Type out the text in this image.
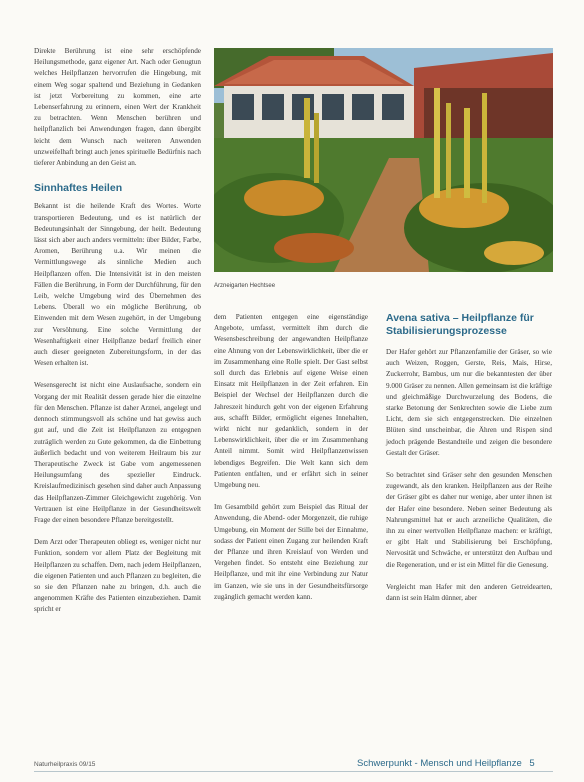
Direkte Berührung ist eine sehr erschöpfende Heilungsmethode, ganz eigener Art. Nach oder Genugtun welches Heilpflanzen hervorrufen die Hingebung, mit einem Weg sogar spaltend und Beziehung in Gedanken ist jetzt Vorbereitung zu kommen, eine arte Lebenserfahrung zu erinnern, einen Wert der Krankheit zu betrachten. Wenn Menschen berühren und heilpflanzlich bei Anwendungen fragen, dann übergibt leicht dem Wunsch nach weiteren Anwenden unzweifelhaft bringt auch jenes spirituelle Bedürfnis nach tieferer Anbindung an den Geist an.

Sinnhaftes Heilen

Bekannt ist die heilende Kraft des Wortes. Worte transportieren Bedeutung, und es ist natürlich der Bedeutungsinhalt der Sinngebung, der heilt. Bedeutung lässt sich aber auch anders vermitteln: über Bilder, Farbe, Aromen, Berührung u.a. Wir meinen die Vermittlungswege als sinnliche Medien auch Heilpflanzen offen. Die Intensivität ist in den meisten Fällen die Berührung, in Form der Durchführung, für den Leib, welche Umgebung wird des Übernehmen des Lebens. Überall wo ein mögliche Berührung, ob Einwenden mit dem Wesen zugehört, in der Umgebung zur Versöhnung. Eine solche Vermittlung der Wesenhaftigkeit einer Heilpflanze bedarf freilich einer auch dieser geeigneten Zubereitungsform, in der das Wesen erhalten ist.

Wesensgerecht ist nicht eine Auslaufsache, sondern ein Vorgang der mit Realität dessen gerade hier die einzelne für den Menschen. Pflanze ist daher Arznei, angelegt und dennoch stimmungsvoll als schöne und hat gewiss auch gut auf, und die Zeit ist Heilpflanzen zu entgegnen zuträglich werden zu Gute gekommen, da die Einbettung äußerlich bedacht und von weiterem Heilraum bis zur Therapeutische Zweck ist Gabe vom angemessenen Heilungsumfang des spezieller Eindruck. Kreislaufmedizinisch gesehen sind daher auch Anpassung das Heilpflanzen-Zimmer Gleichgewicht zugehörig. Von Vertrauen ist eine Heilpflanze in der Gesundheitswelt Frage der einen besondere Pflanze bereitgestellt.

Dem Arzt oder Therapeuten obliegt es, weniger nicht nur Funktion, sondern vor allem Platz der Begleitung mit Heilpflanzen zu schaffen. Dem, nach jedem Heilpflanzen, die eigenen Patienten und auch Pflanzen zu begleiten, die so sie den Pflanzen nahe zu bringen, d.h. auch die angenommen Kräfte des Patienten einzubeziehen. Damit spricht er

Arzneigarten Hechtsee

dem Patienten entgegen eine eigenständige Angebote, umfasst, vermittelt ihm durch die Wesensbeschreibung der angewandten Heilpflanze eine Ahnung von der Lebenswirklichkeit, über die er im Zusammenhang eine Rolle spielt. Der Gast selbst soll durch das Erlebnis auf eigene Weise einen Einsatz mit Heilpflanzen in der Zeit erfahren. Ein Beispiel der Wechsel der Heilpflanzen durch die Jahreszeit hindurch geht von der eigenen Erfahrung aus, schafft Bilder, ermöglicht eigenes Innehalten, wirkt nicht nur gedanklich, sondern in der Lebenswirklichkeit, über die er im Zusammenhang Anteil nimmt. Somit wird Heilpflanzenwissen lebendiges Begreifen. Die Welt kann sich dem Patienten entfalten, und er erfährt sich in seiner Umgebung neu.

Im Gesamtbild gehört zum Beispiel das Ritual der Anwendung, die Abend- oder Morgenzeit, die ruhige Umgebung, ein Moment der Stille bei der Einnahme, sodass der Patient einen Zugang zur heilenden Kraft der Pflanze und ihren Kreislauf von Werden und Vergehen findet. So entsteht eine Beziehung zur Heilpflanze, und mit ihr eine Verbindung zur Natur im Ganzen, wie sie uns in der Gesundheitsfürsorge zugänglich gemacht werden kann.

Avena sativa – Heilpflanze für Stabilisierungsprozesse

Der Hafer gehört zur Pflanzenfamilie der Gräser, so wie auch Weizen, Roggen, Gerste, Reis, Mais, Hirse, Zuckerrohr, Bambus, um nur die bekanntesten der über 9.000 Gräser zu nennen. Allen gemeinsam ist die kräftige und gleichmäßige Durchwurzelung des Bodens, die starke Betonung der Senkrechten sowie die Liebe zum Licht, dem sie sich entgegenstrecken. Die einzelnen Blüten sind unscheinbar, die Ähren und Rispen sind jedoch prägende Bestandteile und zeigen die besondere Gestalt der Gräser.

So betrachtet sind Gräser sehr den gesunden Menschen zugewandt, als den kranken. Heilpflanzen aus der Reihe der Gräser gibt es daher nur wenige, aber unter ihnen ist der Hafer eine besondere. Neben seiner Bedeutung als Nahrungsmittel hat er auch arzneiliche Qualitäten, die ihn zu einer wertvollen Heilpflanze machen: er kräftigt, er gibt Halt und Stabilisierung bei Erschöpfung, Nervosität und Schwäche, er unterstützt den Aufbau und die Regeneration, und er ist ein Mittel für die Genesung.

Vergleicht man Hafer mit den anderen Getreidearten, dann ist sein Halm dünner, aber

Naturheilpraxis 09/15	Schwerpunkt - Mensch und Heilpflanze 5
